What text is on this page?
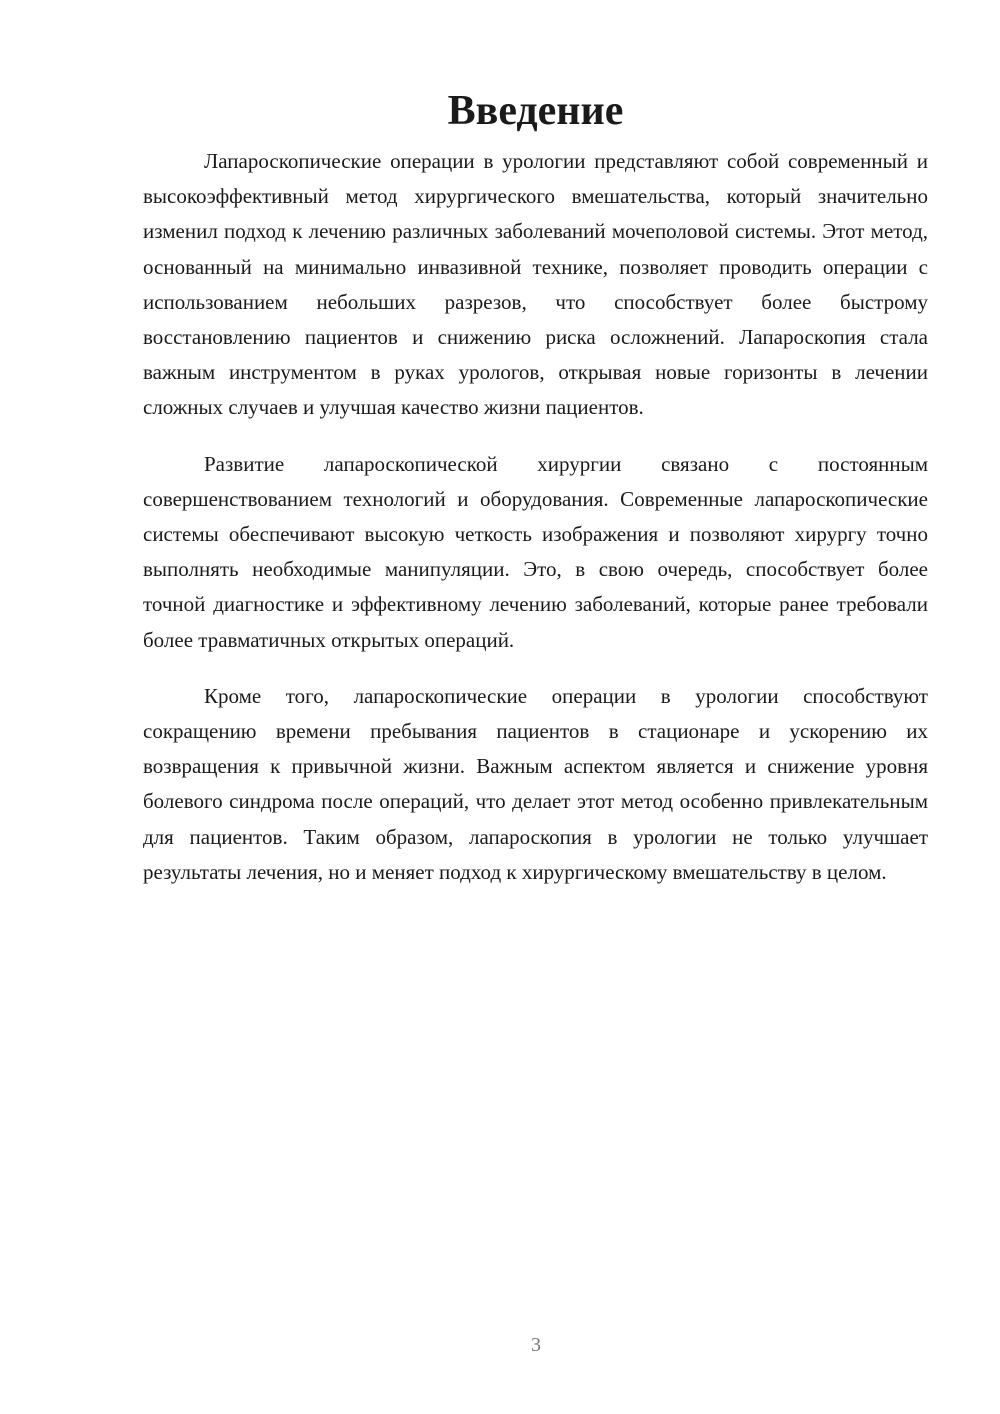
Введение

Лапароскопические операции в урологии представляют собой современный и высокоэффективный метод хирургического вмешательства, который значительно изменил подход к лечению различных заболеваний мочеполовой системы. Этот метод, основанный на минимально инвазивной технике, позволяет проводить операции с использованием небольших разрезов, что способствует более быстрому восстановлению пациентов и снижению риска осложнений. Лапароскопия стала важным инструментом в руках урологов, открывая новые горизонты в лечении сложных случаев и улучшая качество жизни пациентов.

Развитие лапароскопической хирургии связано с постоянным совершенствованием технологий и оборудования. Современные лапароскопические системы обеспечивают высокую четкость изображения и позволяют хирургу точно выполнять необходимые манипуляции. Это, в свою очередь, способствует более точной диагностике и эффективному лечению заболеваний, которые ранее требовали более травматичных открытых операций.

Кроме того, лапароскопические операции в урологии способствуют сокращению времени пребывания пациентов в стационаре и ускорению их возвращения к привычной жизни. Важным аспектом является и снижение уровня болевого синдрома после операций, что делает этот метод особенно привлекательным для пациентов. Таким образом, лапароскопия в урологии не только улучшает результаты лечения, но и меняет подход к хирургическому вмешательству в целом.

3
